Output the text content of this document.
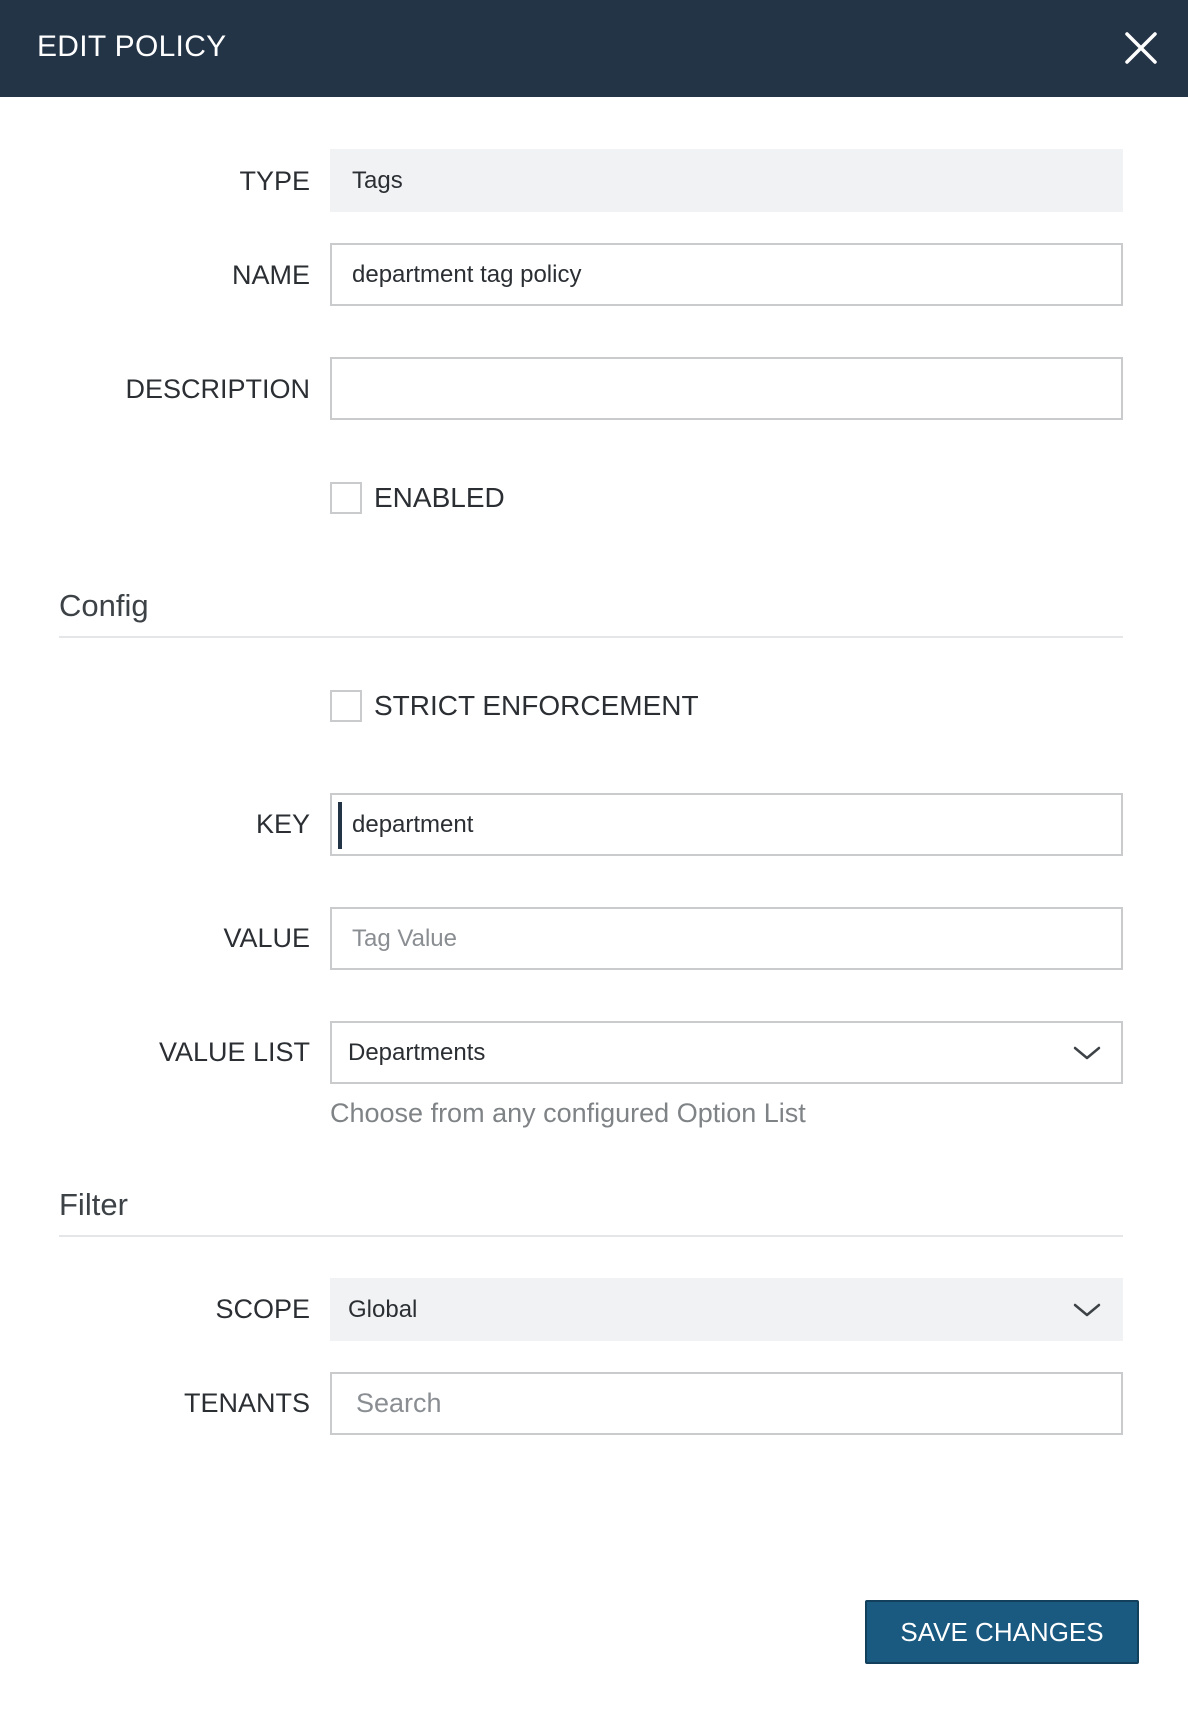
EDIT POLICY
TYPE	Tags
NAME
department tag policy
DESCRIPTION
ENABLED
Config
STRICT ENFORCEMENT
KEY
department
VALUE
Tag Value
VALUE LIST Departments
Choose from any configured Option List
Filter
SCOPE Global
TENANTS
Search
SAVE CHANGES
